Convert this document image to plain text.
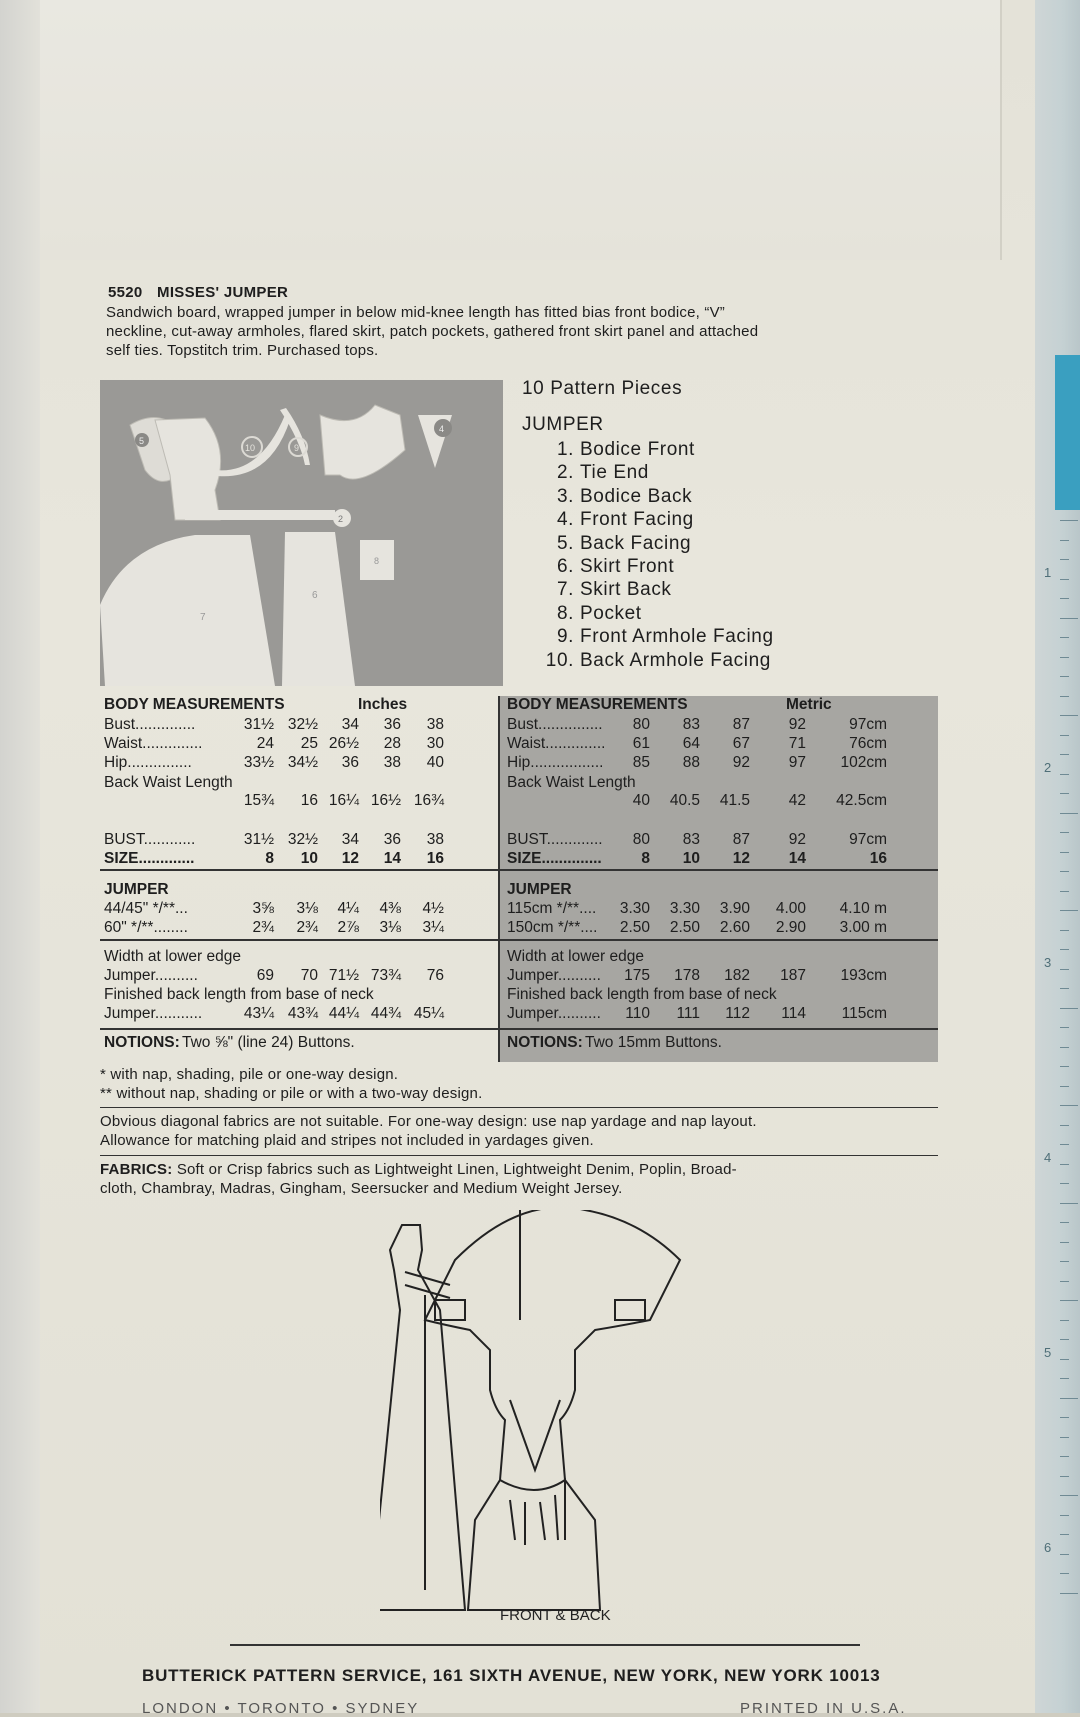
1
2
3
4
5
6
5520 MISSES' JUMPER
Sandwich board, wrapped jumper in below mid-knee length has fitted bias front bodice, “V”
neckline, cut-away armholes, flared skirt, patch pockets, gathered front skirt panel and attached
self ties. Topstitch trim. Purchased tops.
5
10	9
4
2
8
7
6
10 Pattern Pieces
JUMPER
1. Bodice Front
2. Tie End
3. Bodice Back
4. Front Facing
5. Back Facing
6. Skirt Front
7. Skirt Back
8. Pocket
9. Front Armhole Facing
10. Back Armhole Facing
BODY MEASUREMENTS	Inches
Bust..............	31½ 32½ 34 36 38
Waist..............	24 25 26½ 28 30
Hip...............	33½ 34½ 36 38 40
Back Waist Length
15¾ 16 16¼ 16½ 16¾
BUST............	31½ 32½ 34 36 38
SIZE.............	8 10 12 14 16
JUMPER
44/45" */**...	3⅝ 3⅛ 4¼ 4⅜ 4½
60" */**........	2¾ 2¾ 2⅞ 3⅛ 3¼
Width at lower edge
Jumper..........	69 70 71½ 73¾ 76
Finished back length from base of neck
Jumper...........	43¼ 43¾ 44¼ 44¾ 45¼
NOTIONS: Two ⅝" (line 24) Buttons.
BODY MEASUREMENTS	Metric
Bust............... 80 83 87	92	97cm
Waist.............. 61 64 67	71	76cm
Hip................. 85 88 92	97 102cm
Back Waist Length
40 40.5 41.5	42 42.5cm
BUST............. 80 83 87	92	97cm
SIZE..............	8 10 12	14	16
JUMPER
115cm */**.... 3.30 3.30 3.90 4.00 4.10 m
150cm */**.... 2.50 2.50 2.60 2.90 3.00 m
Width at lower edge
Jumper.......... 175 178 182 187 193cm
Finished back length from base of neck
Jumper.......... 110 111 112 114 115cm
NOTIONS: Two 15mm Buttons.
* with nap, shading, pile or one-way design.
** without nap, shading or pile or with a two-way design.
Obvious diagonal fabrics are not suitable. For one-way design: use nap yardage and nap layout.
Allowance for matching plaid and stripes not included in yardages given.
FABRICS: Soft or Crisp fabrics such as Lightweight Linen, Lightweight Denim, Poplin, Broad-
cloth, Chambray, Madras, Gingham, Seersucker and Medium Weight Jersey.
FRONT & BACK
BUTTERICK PATTERN SERVICE, 161 SIXTH AVENUE, NEW YORK, NEW YORK 10013
LONDON • TORONTO • SYDNEY	PRINTED IN U.S.A.
